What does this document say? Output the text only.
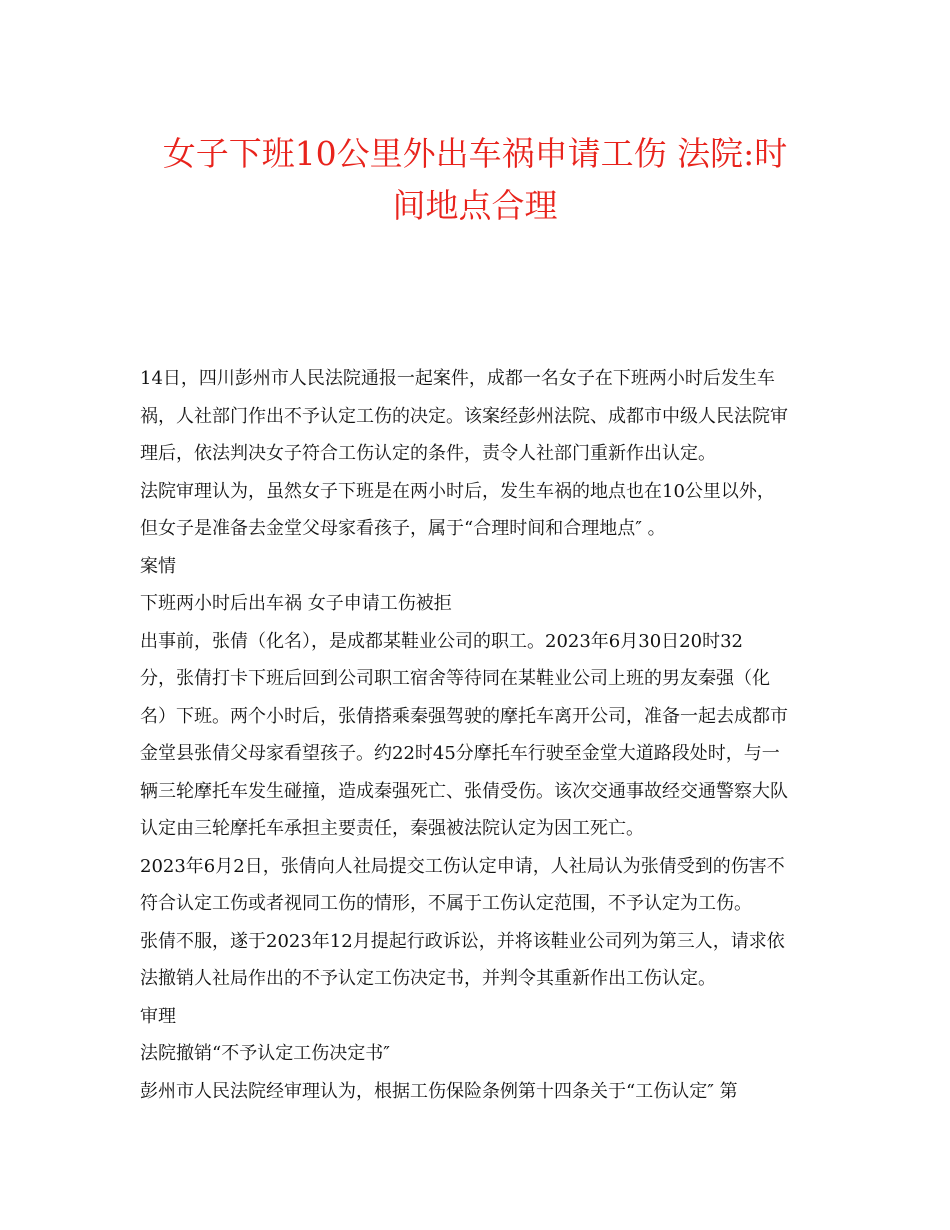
女子下班10公里外出车祸申请工伤 法院:时
间地点合理
14日，四川彭州市人民法院通报一起案件，成都一名女子在下班两小时后发生车
祸，人社部门作出不予认定工伤的决定。该案经彭州法院、成都市中级人民法院审
理后，依法判决女子符合工伤认定的条件，责令人社部门重新作出认定。
法院审理认为，虽然女子下班是在两小时后，发生车祸的地点也在10公里以外，
但女子是准备去金堂父母家看孩子，属于“合理时间和合理地点″ 。
案情
下班两小时后出车祸 女子申请工伤被拒
出事前，张倩（化名），是成都某鞋业公司的职工。2023年6月30日20时32
分，张倩打卡下班后回到公司职工宿舍等待同在某鞋业公司上班的男友秦强（化
名）下班。两个小时后，张倩搭乘秦强驾驶的摩托车离开公司，准备一起去成都市
金堂县张倩父母家看望孩子。约22时45分摩托车行驶至金堂大道路段处时，与一
辆三轮摩托车发生碰撞，造成秦强死亡、张倩受伤。该次交通事故经交通警察大队
认定由三轮摩托车承担主要责任，秦强被法院认定为因工死亡。
2023年6月2日，张倩向人社局提交工伤认定申请，人社局认为张倩受到的伤害不
符合认定工伤或者视同工伤的情形，不属于工伤认定范围，不予认定为工伤。
张倩不服，遂于2023年12月提起行政诉讼，并将该鞋业公司列为第三人，请求依
法撤销人社局作出的不予认定工伤决定书，并判令其重新作出工伤认定。
审理
法院撤销“不予认定工伤决定书″
彭州市人民法院经审理认为，根据工伤保险条例第十四条关于“工伤认定″ 第
